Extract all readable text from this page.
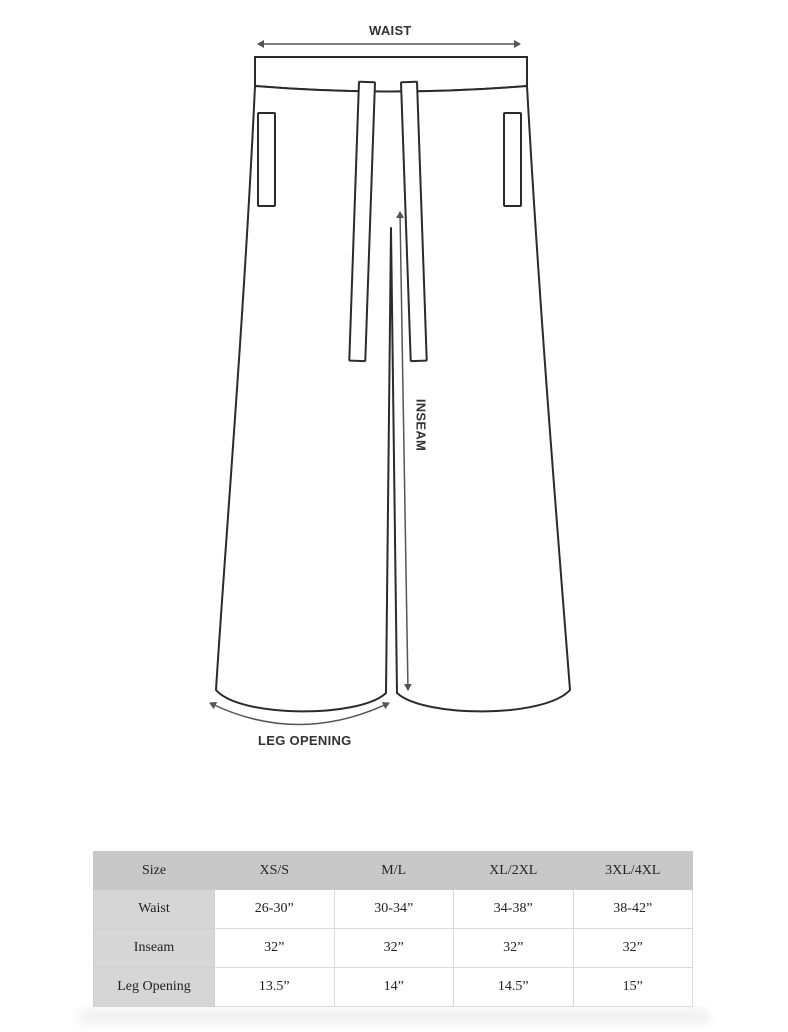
WAIST
INSEAM
LEG OPENING
Size	XS/S	M/L	XL/2XL	3XL/4XL
Waist	26-30”	30-34”	34-38”	38-42”
Inseam	32”	32”	32”	32”
Leg Opening	13.5”	14”	14.5”	15”
